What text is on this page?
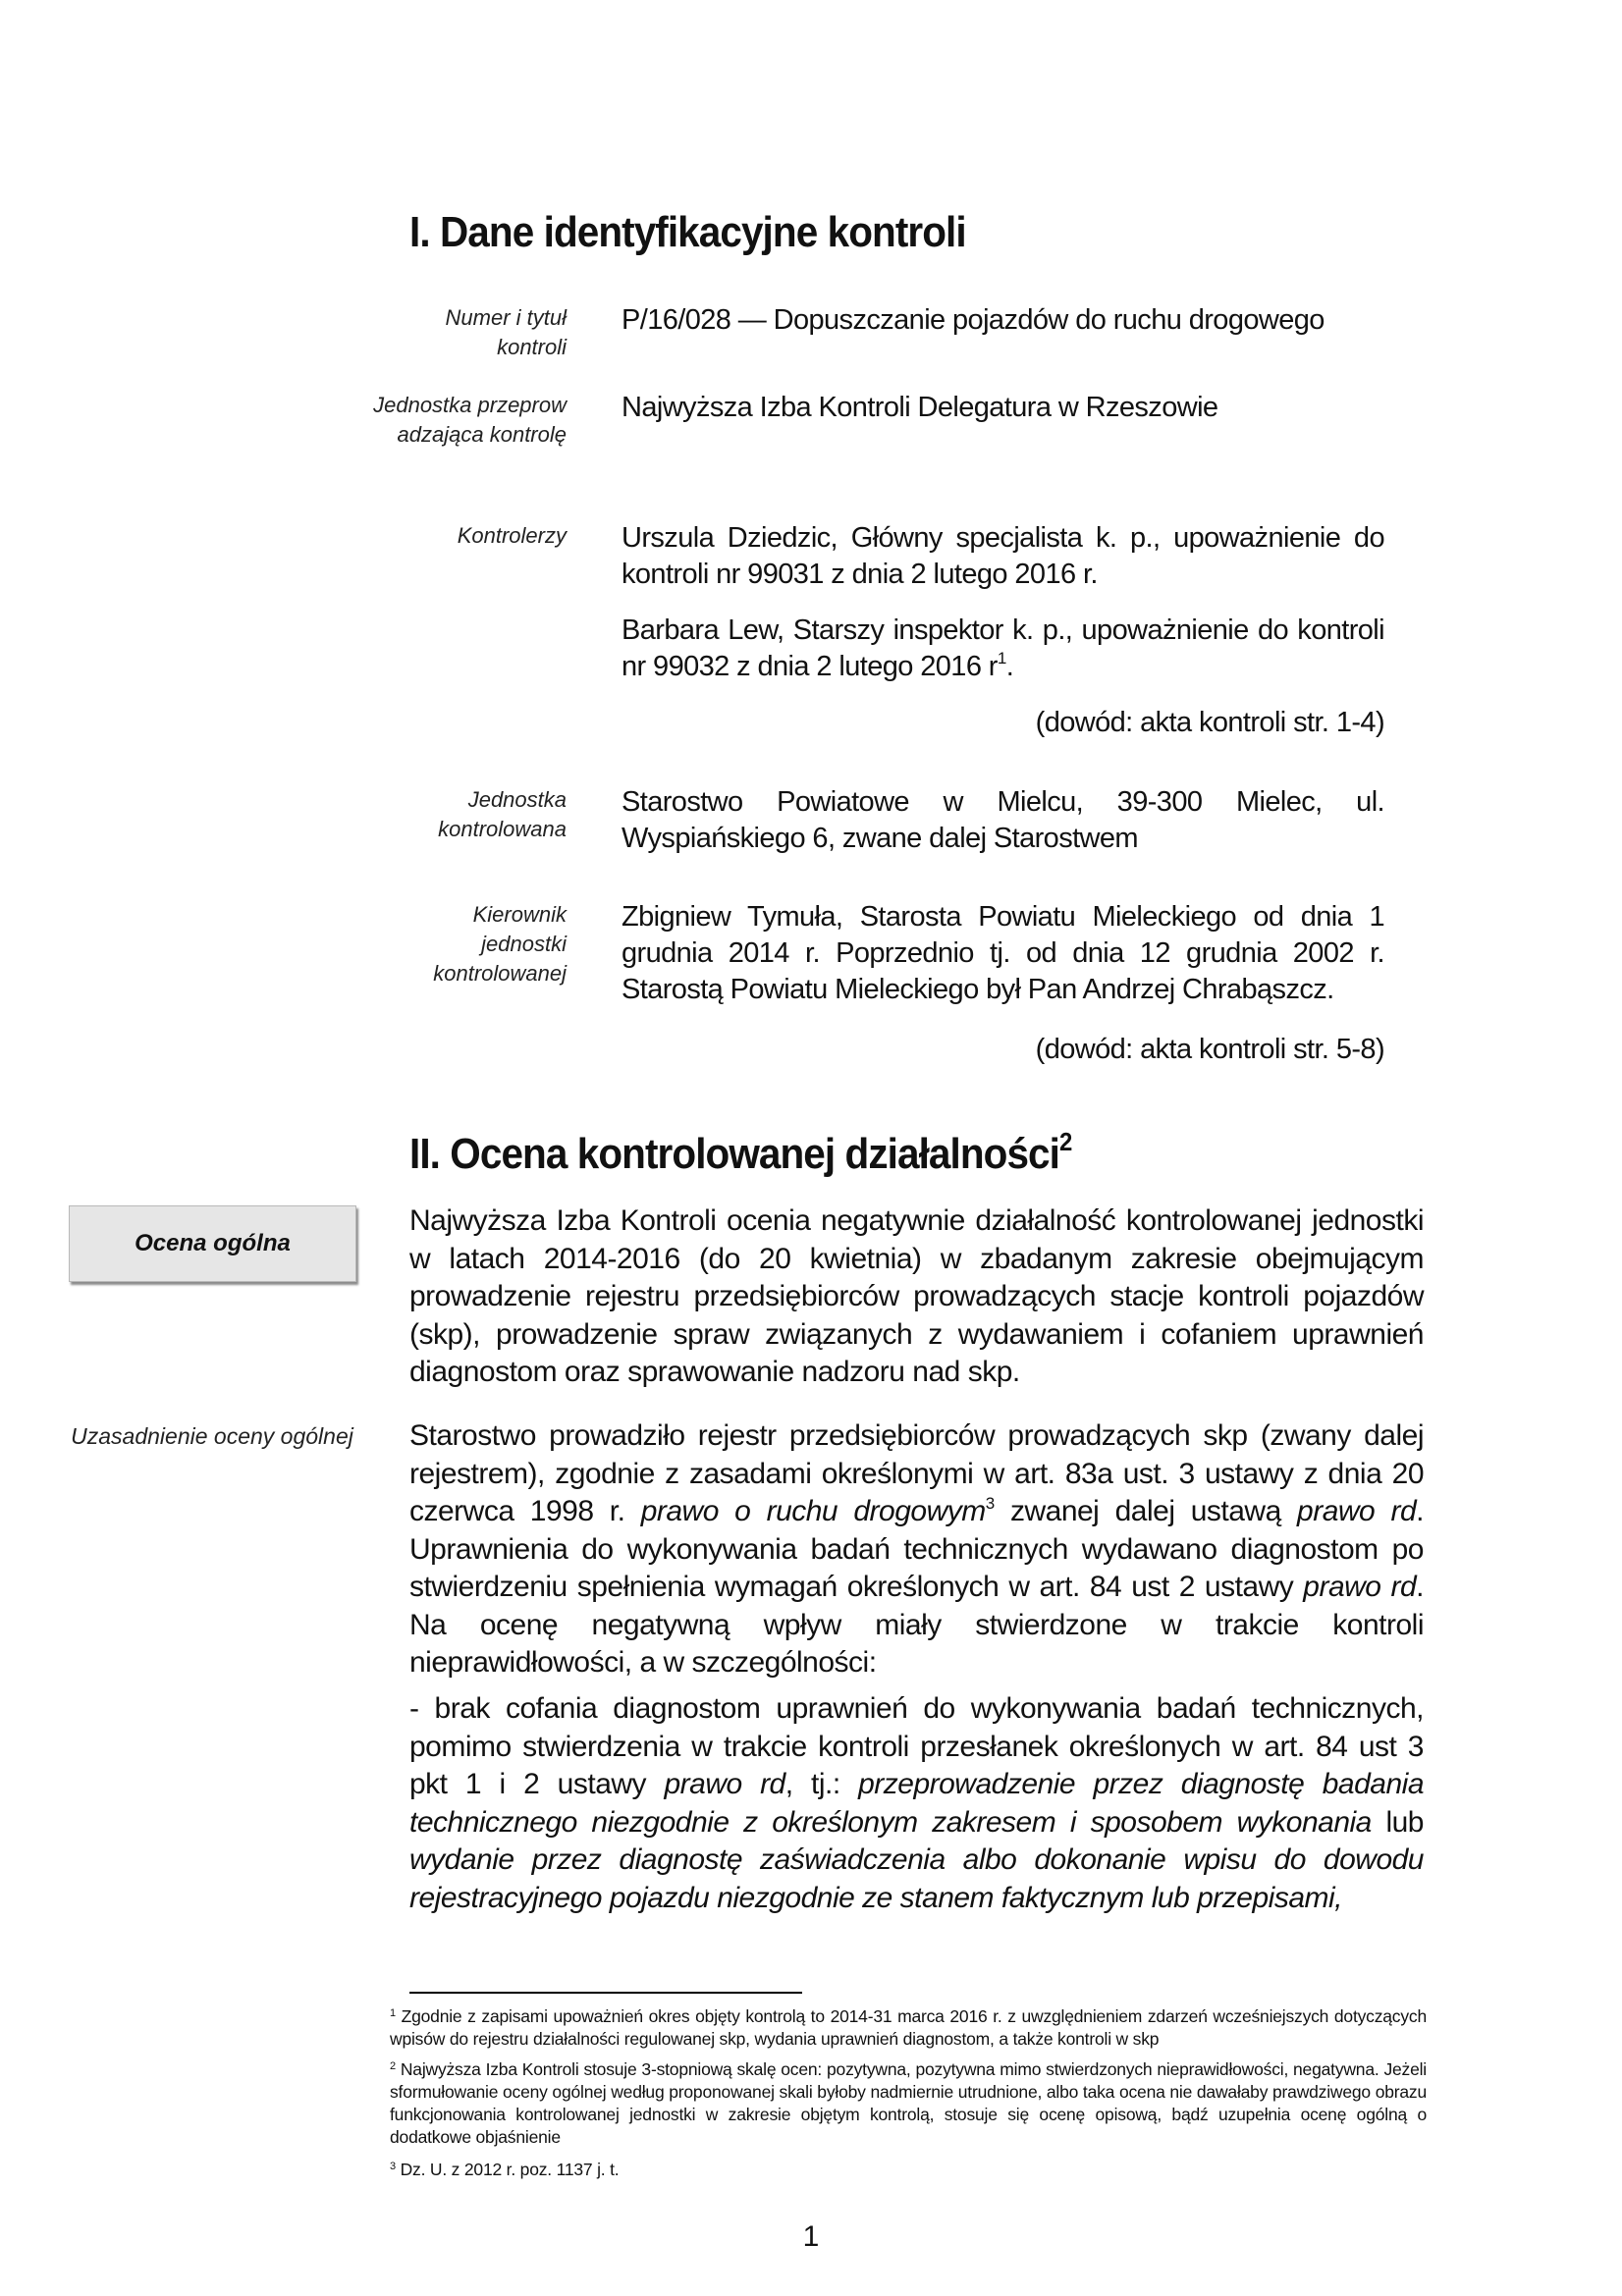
I. Dane identyfikacyjne kontroli
Numer i tytuł kontroli
P/16/028 — Dopuszczanie pojazdów do ruchu drogowego
Jednostka przeprowadzająca kontrolę
Najwyższa Izba Kontroli Delegatura w Rzeszowie
Kontrolerzy Urszula Dziedzic, Główny specjalista k. p., upoważnienie do kontroli nr 99031 z dnia 2 lutego 2016 r.
Barbara Lew, Starszy inspektor k. p., upoważnienie do kontroli nr 99032 z dnia 2 lutego 2016 $r^1$.
(dowód: akta kontroli str. 1-4)
Jednostka kontrolowana
Starostwo Powiatowe w Mielcu, 39-300 Mielec, ul. Wyspiańskiego 6, zwane dalej Starostwem
Kierownik jednostki kontrolowanej
Zbigniew Tymuła, Starosta Powiatu Mieleckiego od dnia 1 grudnia 2014 r. Poprzednio tj. od dnia 12 grudnia 2002 r. Starostą Powiatu Mieleckiego był Pan Andrzej Chrabąszcz.
(dowód: akta kontroli str. 5-8)
II. Ocena kontrolowanej działalności$^2$
Ocena ogólna
Najwyższa Izba Kontroli ocenia negatywnie działalność kontrolowanej jednostki w latach 2014-2016 (do 20 kwietnia) w zbadanym zakresie obejmującym prowadzenie rejestru przedsiębiorców prowadzących stacje kontroli pojazdów (skp), prowadzenie spraw związanych z wydawaniem i cofaniem uprawnień diagnostom oraz sprawowanie nadzoru nad skp.
Uzasadnienie oceny ogólnej	Starostwo prowadziło rejestr przedsiębiorców prowadzących skp (zwany dalej rejestrem), zgodnie z zasadami określonymi w art. 83a ust. 3 ustawy z dnia 20 czerwca 1998 r. prawo o ruchu drogowym$^3$ zwanej dalej ustawą prawo rd. Uprawnienia do wykonywania badań technicznych wydawano diagnostom po stwierdzeniu spełnienia wymagań określonych w art. 84 ust 2 ustawy prawo rd. Na ocenę negatywną wpływ miały stwierdzone w trakcie kontroli nieprawidłowości, a w szczególności:
- brak cofania diagnostom uprawnień do wykonywania badań technicznych, pomimo stwierdzenia w trakcie kontroli przesłanek określonych w art. 84 ust 3 pkt 1 i 2 ustawy prawo rd, tj.: przeprowadzenie przez diagnostę badania technicznego niezgodnie z określonym zakresem i sposobem wykonania lub wydanie przez diagnostę zaświadczenia albo dokonanie wpisu do dowodu rejestracyjnego pojazdu niezgodnie ze stanem faktycznym lub przepisami,
$^1$ Zgodnie z zapisami upoważnień okres objęty kontrolą to 2014-31 marca 2016 r. z uwzględnieniem zdarzeń wcześniejszych dotyczących wpisów do rejestru działalności regulowanej skp, wydania uprawnień diagnostom, a także kontroli w skp
$^2$ Najwyższa Izba Kontroli stosuje 3-stopniową skalę ocen: pozytywna, pozytywna mimo stwierdzonych nieprawidłowości, negatywna. Jeżeli sformułowanie oceny ogólnej według proponowanej skali byłoby nadmiernie utrudnione, albo taka ocena nie dawałaby prawdziwego obrazu funkcjonowania kontrolowanej jednostki w zakresie objętym kontrolą, stosuje się ocenę opisową, bądź uzupełnia ocenę ogólną o dodatkowe objaśnienie
$^3$ Dz. U. z 2012 r. poz. 1137 j. t.
1
